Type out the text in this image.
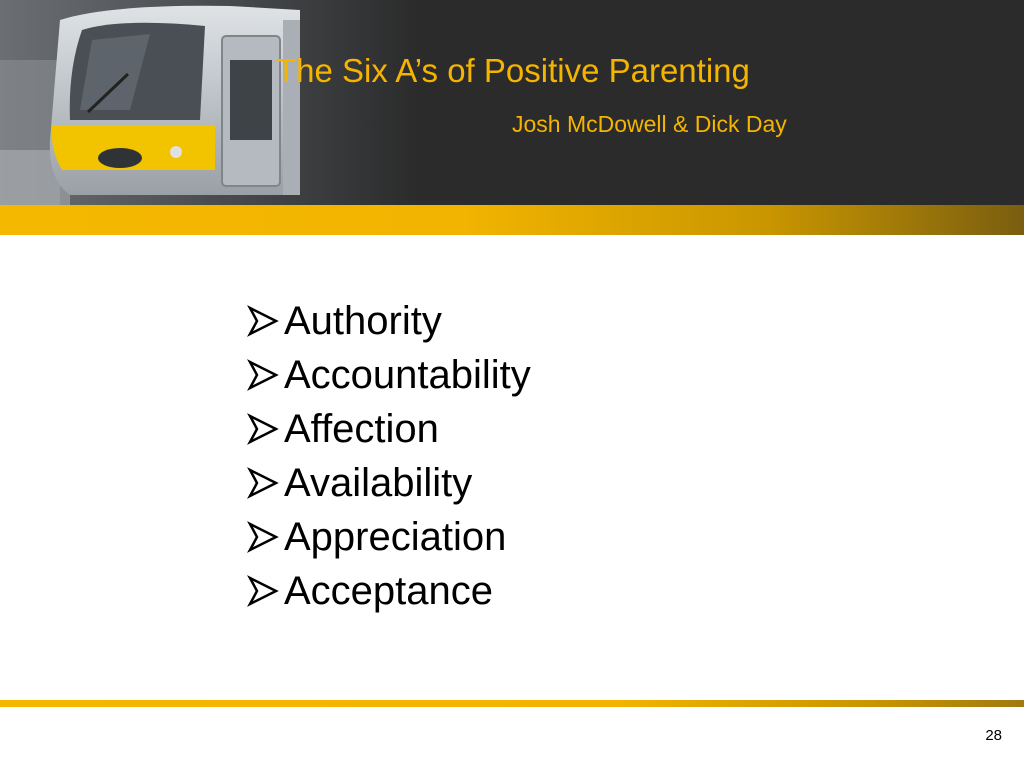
The Six A’s of Positive Parenting
Josh McDowell & Dick Day
Authority
Accountability
Affection
Availability
Appreciation
Acceptance
28
